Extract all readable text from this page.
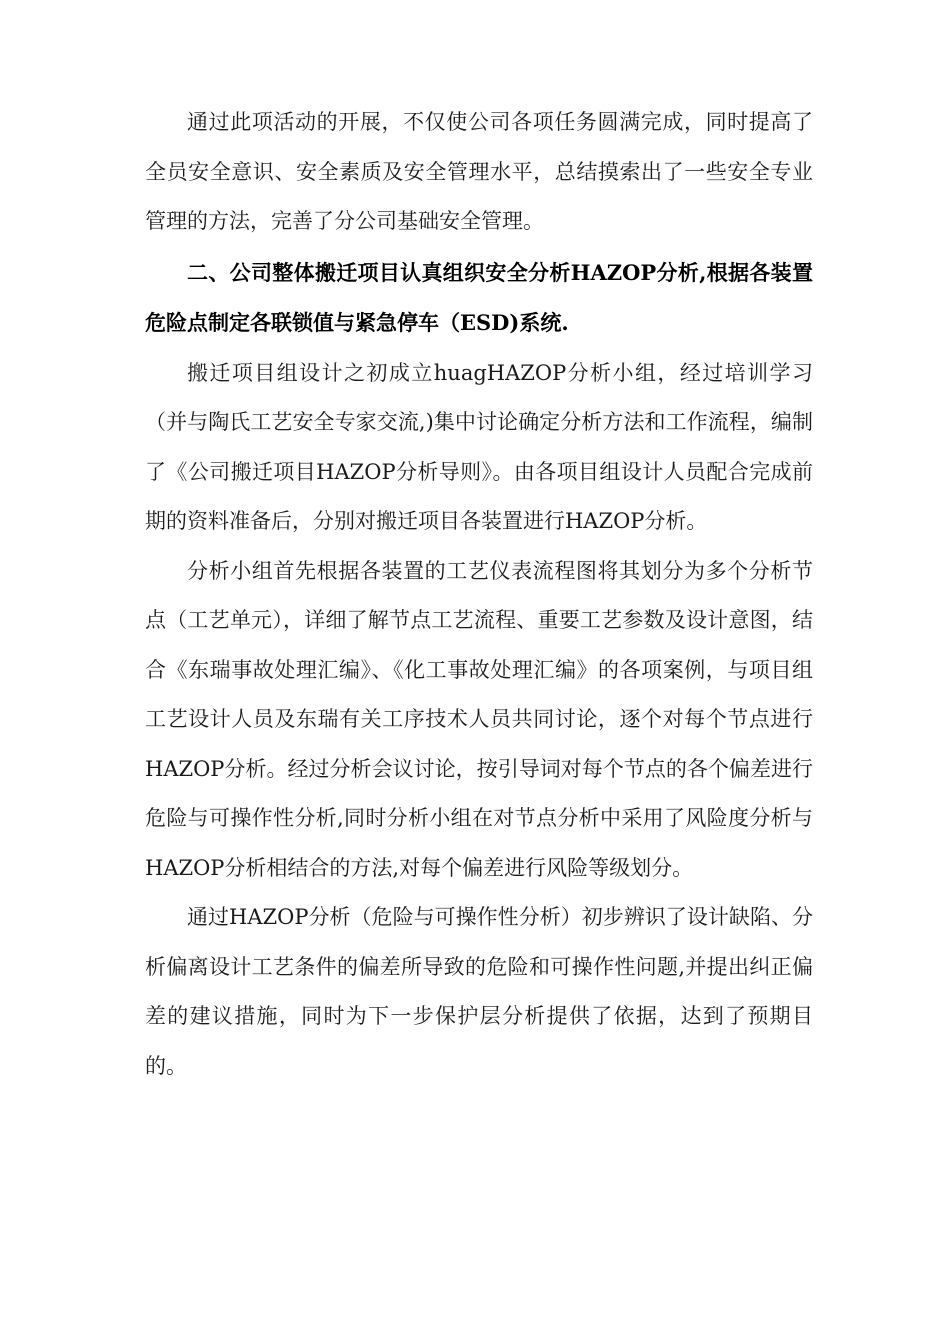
通过此项活动的开展，不仅使公司各项任务圆满完成，同时提高了全员安全意识、安全素质及安全管理水平，总结摸索出了一些安全专业管理的方法，完善了分公司基础安全管理。

二、公司整体搬迁项目认真组织安全分析HAZOP分析,根据各装置危险点制定各联锁值与紧急停车（ESD)系统.

搬迁项目组设计之初成立huagHAZOP分析小组，经过培训学习（并与陶氏工艺安全专家交流,)集中讨论确定分析方法和工作流程，编制了《公司搬迁项目HAZOP分析导则》。由各项目组设计人员配合完成前期的资料准备后，分别对搬迁项目各装置进行HAZOP分析。

分析小组首先根据各装置的工艺仪表流程图将其划分为多个分析节点（工艺单元），详细了解节点工艺流程、重要工艺参数及设计意图，结合《东瑞事故处理汇编》、《化工事故处理汇编》的各项案例，与项目组工艺设计人员及东瑞有关工序技术人员共同讨论，逐个对每个节点进行HAZOP分析。经过分析会议讨论，按引导词对每个节点的各个偏差进行危险与可操作性分析,同时分析小组在对节点分析中采用了风险度分析与HAZOP分析相结合的方法,对每个偏差进行风险等级划分。

通过HAZOP分析（危险与可操作性分析）初步辨识了设计缺陷、分析偏离设计工艺条件的偏差所导致的危险和可操作性问题,并提出纠正偏差的建议措施，同时为下一步保护层分析提供了依据，达到了预期目的。
